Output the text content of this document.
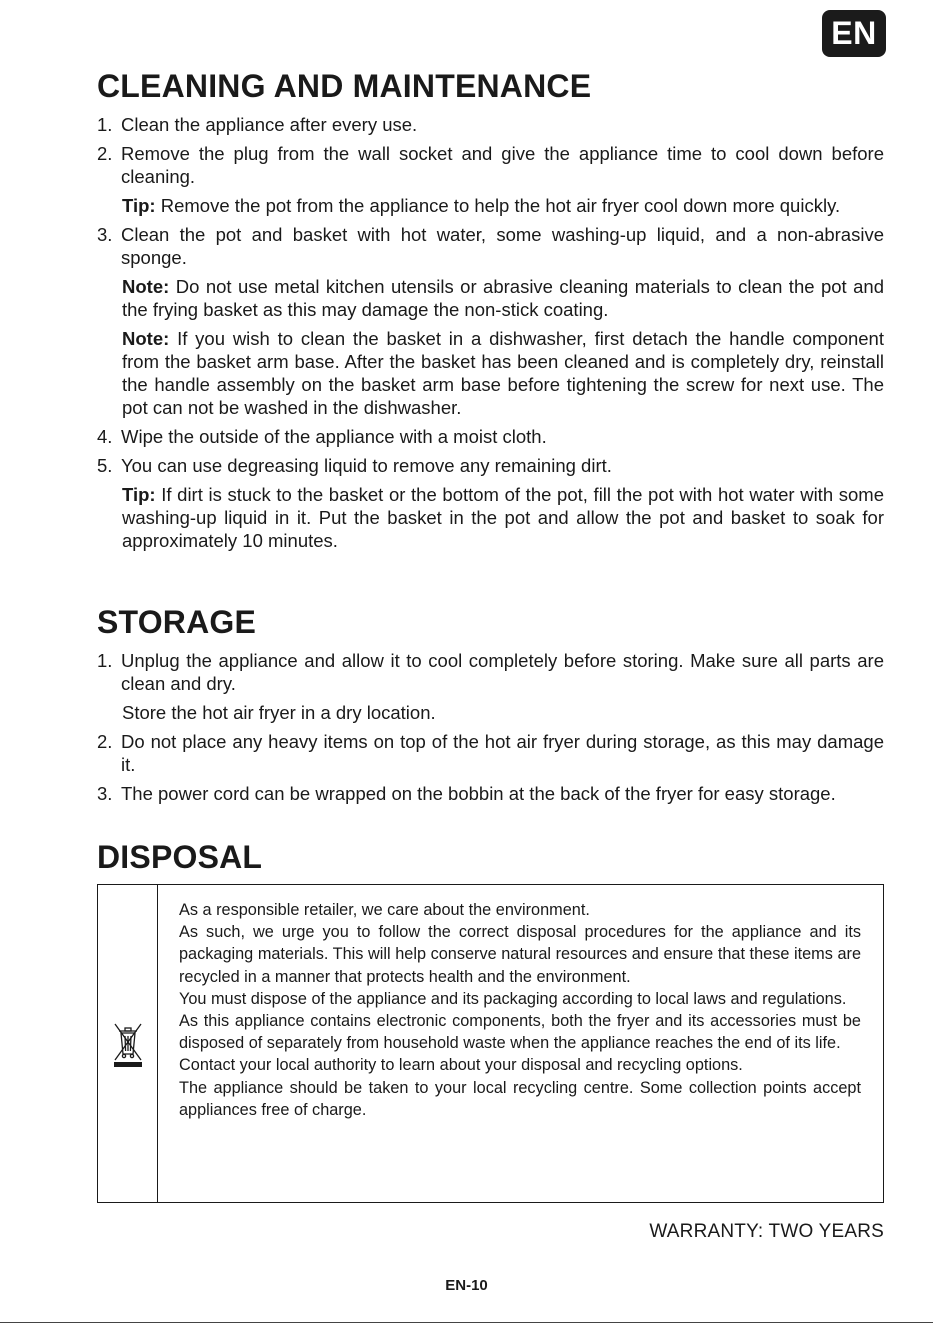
EN
CLEANING AND MAINTENANCE
1. Clean the appliance after every use.
2. Remove the plug from the wall socket and give the appliance time to cool down before cleaning.
Tip: Remove the pot from the appliance to help the hot air fryer cool down more quickly.
3. Clean the pot and basket with hot water, some washing-up liquid, and a non-abrasive sponge.
Note: Do not use metal kitchen utensils or abrasive cleaning materials to clean the pot and the frying basket as this may damage the non-stick coating.
Note: If you wish to clean the basket in a dishwasher, first detach the handle component from the basket arm base. After the basket has been cleaned and is completely dry, reinstall the handle assembly on the basket arm base before tightening the screw for next use. The pot can not be washed in the dishwasher.
4. Wipe the outside of the appliance with a moist cloth.
5. You can use degreasing liquid to remove any remaining dirt.
Tip: If dirt is stuck to the basket or the bottom of the pot, fill the pot with hot water with some washing-up liquid in it. Put the basket in the pot and allow the pot and basket to soak for approximately 10 minutes.
STORAGE
1. Unplug the appliance and allow it to cool completely before storing. Make sure all parts are clean and dry.
Store the hot air fryer in a dry location.
2. Do not place any heavy items on top of the hot air fryer during storage, as this may damage it.
3. The power cord can be wrapped on the bobbin at the back of the fryer for easy storage.
DISPOSAL

As a responsible retailer, we care about the environment.

As such, we urge you to follow the correct disposal procedures for the appliance and its packaging materials. This will help conserve natural resources and ensure that these items are recycled in a manner that protects health and the environment.

You must dispose of the appliance and its packaging according to local laws and regulations.

As this appliance contains electronic components, both the fryer and its accessories must be disposed of separately from household waste when the appliance reaches the end of its life.

Contact your local authority to learn about your disposal and recycling options.

The appliance should be taken to your local recycling centre. Some collection points accept appliances free of charge.

WARRANTY: TWO YEARS
EN-10
